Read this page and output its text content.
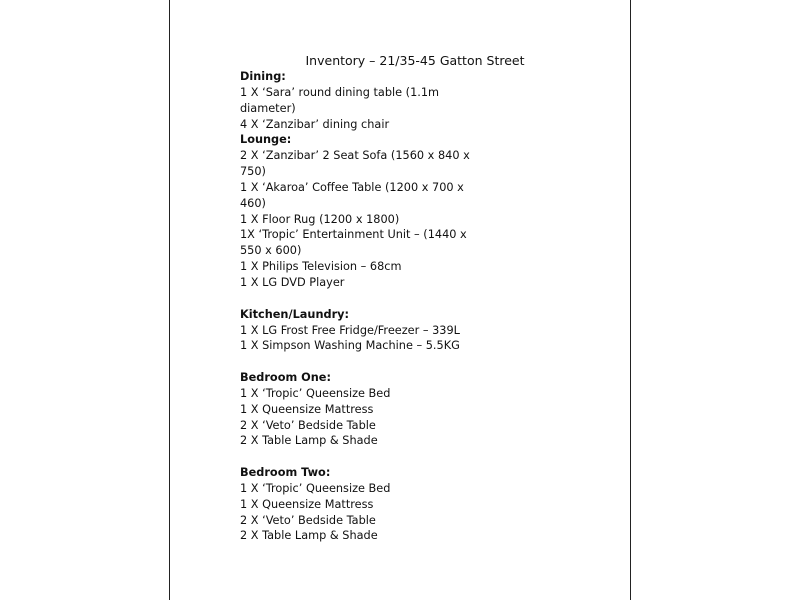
Inventory – 21/35-45 Gatton Street
Dining:
1 X ‘Sara’ round dining table (1.1m
diameter)
4 X ‘Zanzibar’ dining chair
Lounge:
2 X ‘Zanzibar’ 2 Seat Sofa (1560 x 840 x
750)
1 X ‘Akaroa’ Coffee Table (1200 x 700 x
460)
1 X Floor Rug (1200 x 1800)
1X ‘Tropic’ Entertainment Unit – (1440 x
550 x 600)
1 X Philips Television – 68cm
1 X LG DVD Player
Kitchen/Laundry:
1 X LG Frost Free Fridge/Freezer – 339L
1 X Simpson Washing Machine – 5.5KG
Bedroom One:
1 X ‘Tropic’ Queensize Bed
1 X Queensize Mattress
2 X ‘Veto’ Bedside Table
2 X Table Lamp & Shade
Bedroom Two:
1 X ‘Tropic’ Queensize Bed
1 X Queensize Mattress
2 X ‘Veto’ Bedside Table
2 X Table Lamp & Shade
